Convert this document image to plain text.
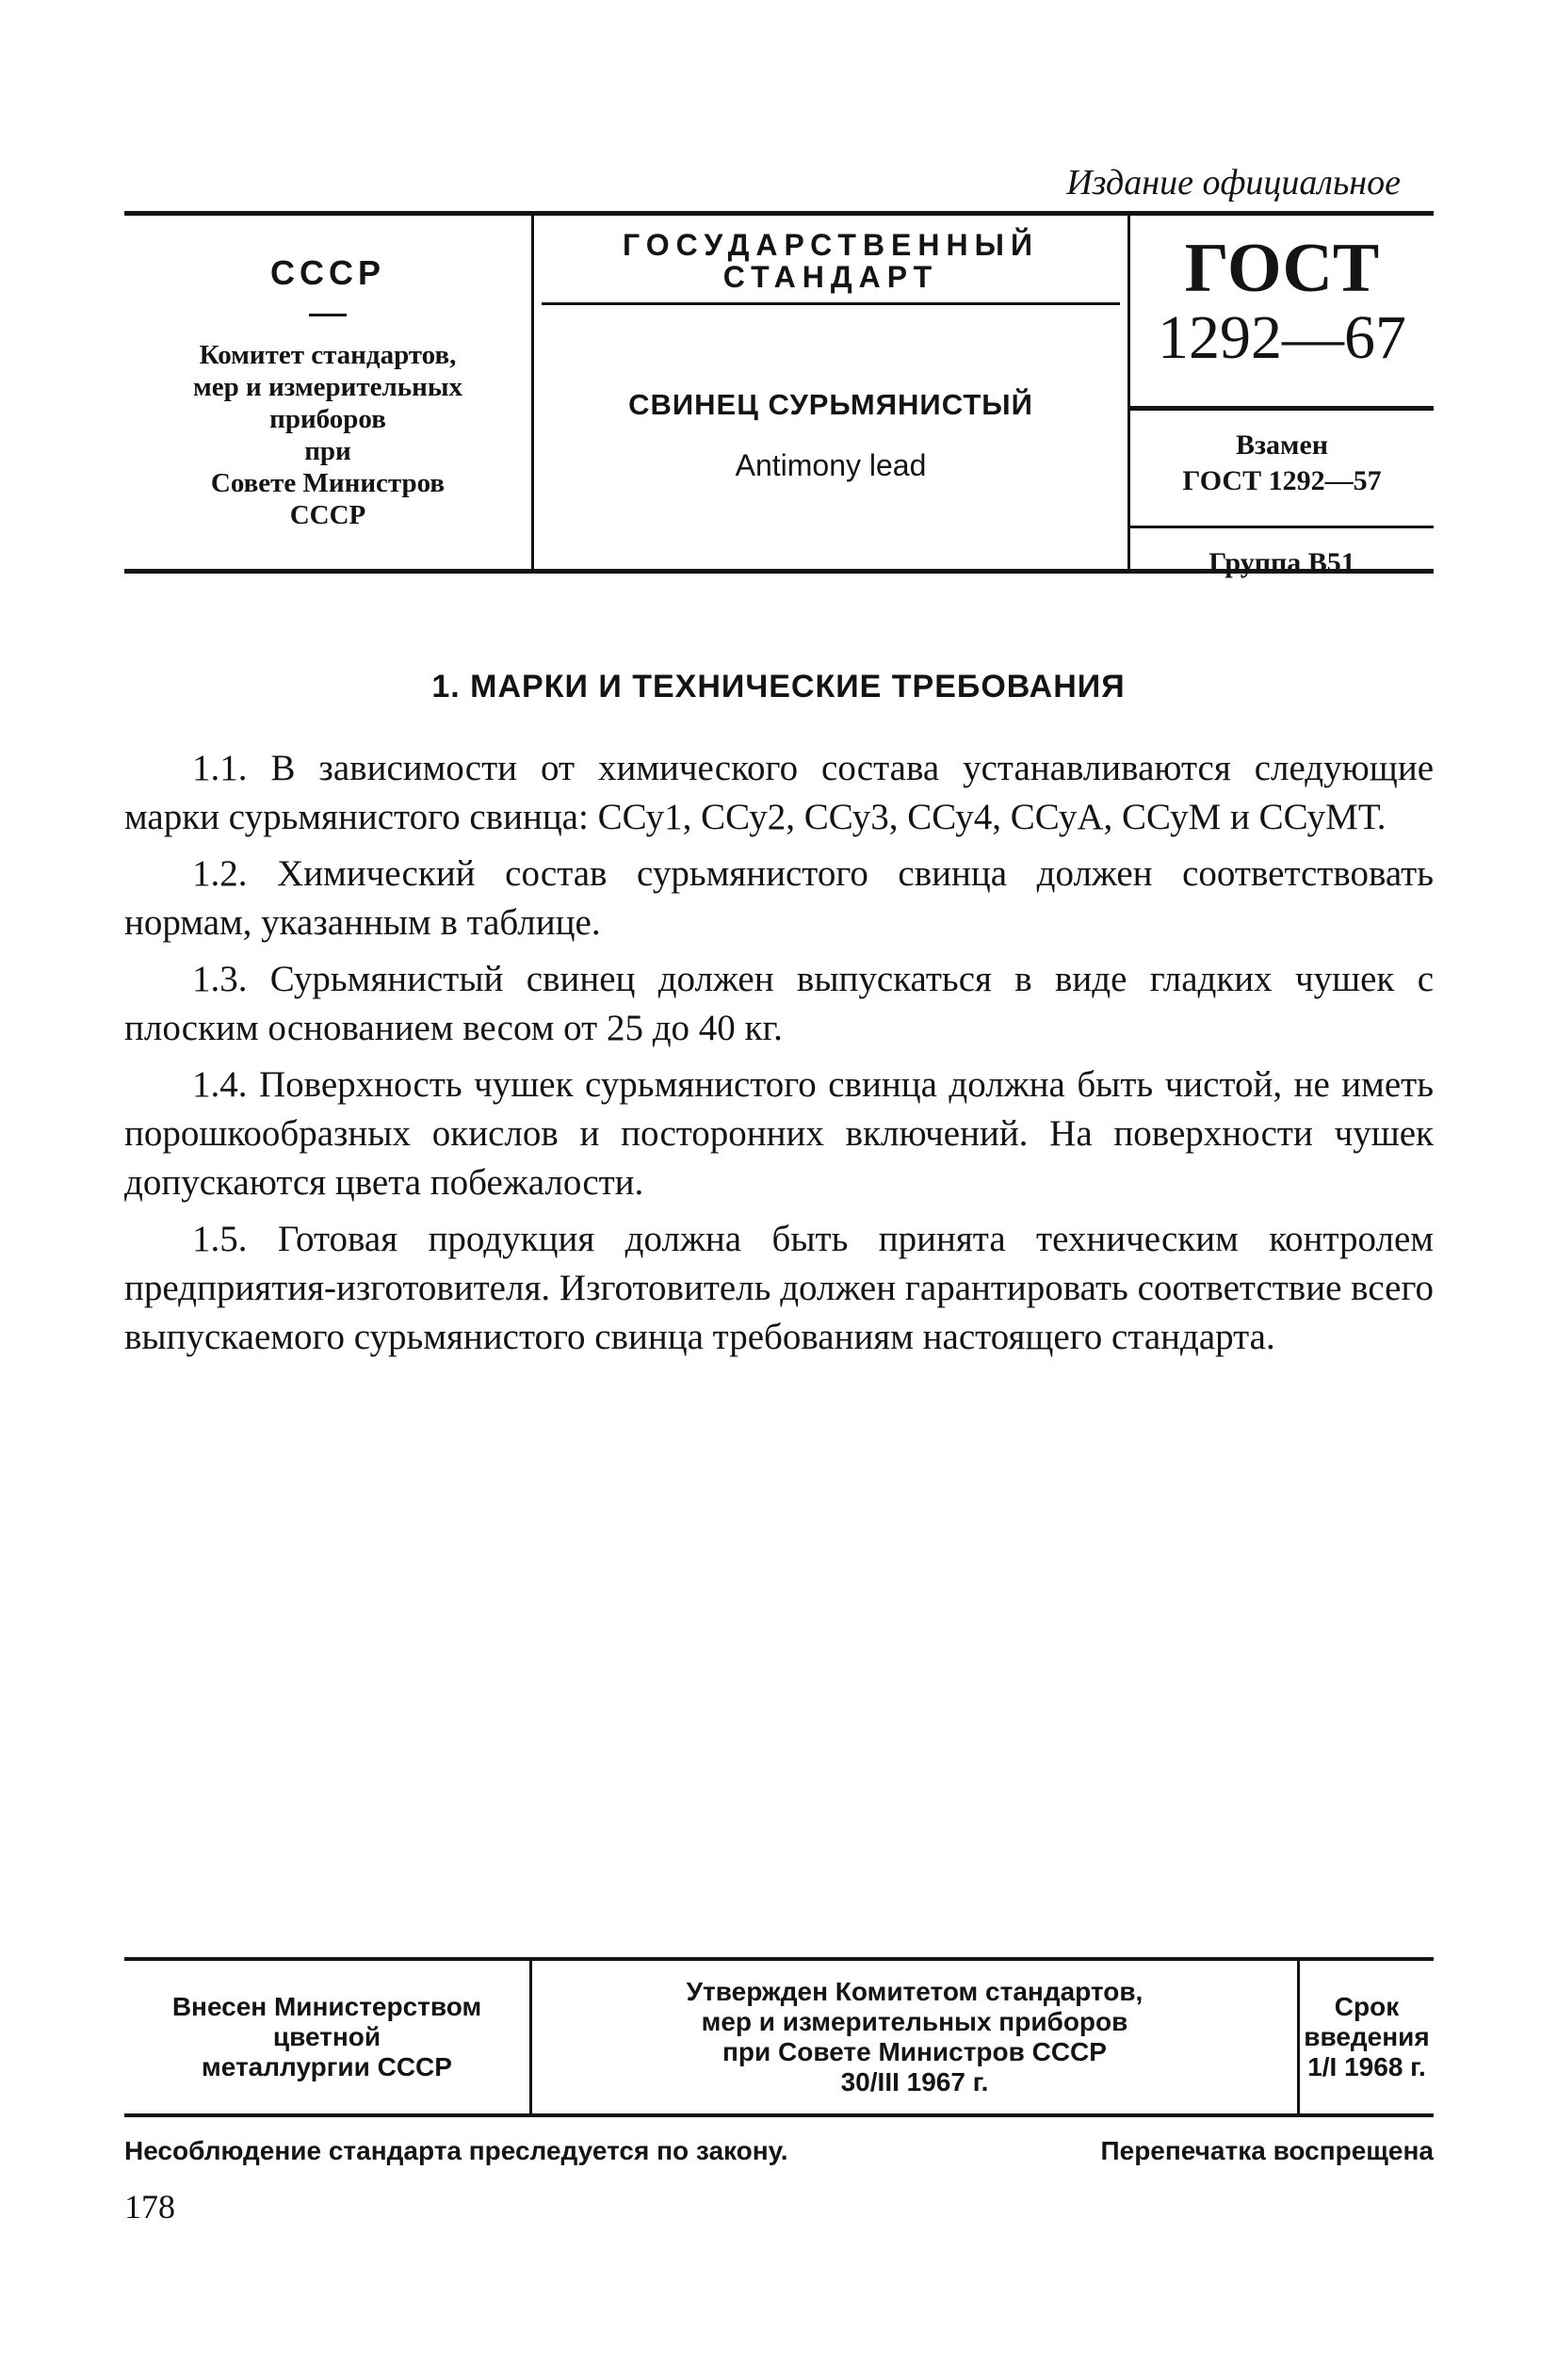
Издание официальное
СССР
Комитет стандартов,
мер и измерительных
приборов
при
Совете Министров
СССР
ГОСУДАРСТВЕННЫЙ
СТАНДАРТ
СВИНЕЦ СУРЬМЯНИСТЫЙ
Antimony lead
ГОСТ
1292—67
Взамен
ГОСТ 1292—57
Группа В51
1. МАРКИ И ТЕХНИЧЕСКИЕ ТРЕБОВАНИЯ

1.1. В зависимости от химического состава устанавливаются следующие марки сурьмянистого свинца: ССу1, ССу2, ССу3, ССу4, ССуА, ССуМ и ССуМТ.

1.2. Химический состав сурьмянистого свинца должен соответствовать нормам, указанным в таблице.

1.3. Сурьмянистый свинец должен выпускаться в виде гладких чушек с плоским основанием весом от 25 до 40 кг.

1.4. Поверхность чушек сурьмянистого свинца должна быть чистой, не иметь порошкообразных окислов и посторонних включений. На поверхности чушек допускаются цвета побежалости.

1.5. Готовая продукция должна быть принята техническим контролем предприятия-изготовителя. Изготовитель должен гарантировать соответствие всего выпускаемого сурьмянистого свинца требованиям настоящего стандарта.

Внесен Министерством
цветной
металлургии СССР
Утвержден Комитетом стандартов,
мер и измерительных приборов
при Совете Министров СССР
30/III 1967 г.
Срок введения
1/I 1968 г.
Несоблюдение стандарта преследуется по закону.	Перепечатка воспрещена
178
